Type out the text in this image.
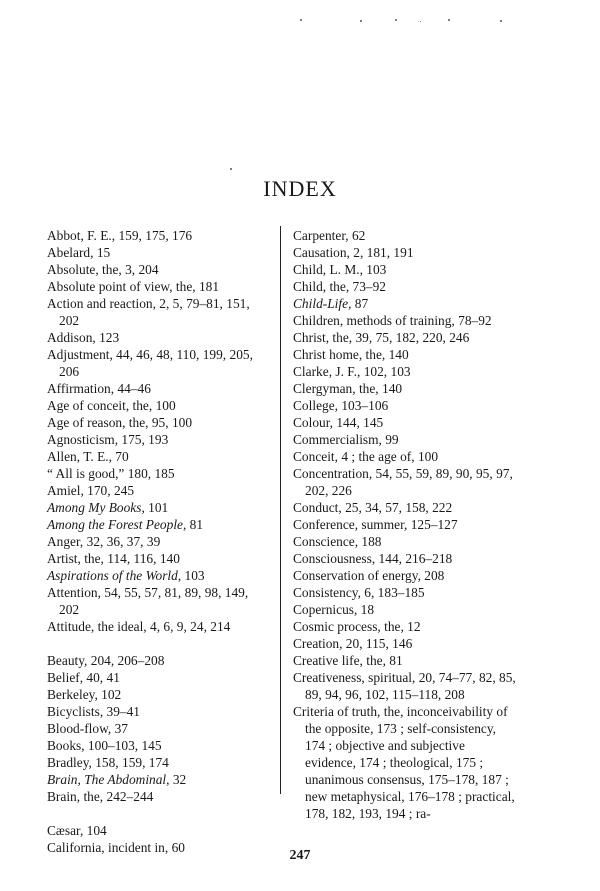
INDEX
Abbot, F. E., 159, 175, 176
Abelard, 15
Absolute, the, 3, 204
Absolute point of view, the, 181
Action and reaction, 2, 5, 79–81, 151, 202
Addison, 123
Adjustment, 44, 46, 48, 110, 199, 205, 206
Affirmation, 44–46
Age of conceit, the, 100
Age of reason, the, 95, 100
Agnosticism, 175, 193
Allen, T. E., 70
“ All is good,” 180, 185
Amiel, 170, 245
Among My Books, 101
Among the Forest People, 81
Anger, 32, 36, 37, 39
Artist, the, 114, 116, 140
Aspirations of the World, 103
Attention, 54, 55, 57, 81, 89, 98, 149, 202
Attitude, the ideal, 4, 6, 9, 24, 214
Beauty, 204, 206–208
Belief, 40, 41
Berkeley, 102
Bicyclists, 39–41
Blood-flow, 37
Books, 100–103, 145
Bradley, 158, 159, 174
Brain, The Abdominal, 32
Brain, the, 242–244
Cæsar, 104
California, incident in, 60
Carpenter, 62
Causation, 2, 181, 191
Child, L. M., 103
Child, the, 73–92
Child-Life, 87
Children, methods of training, 78–92
Christ, the, 39, 75, 182, 220, 246
Christ home, the, 140
Clarke, J. F., 102, 103
Clergyman, the, 140
College, 103–106
Colour, 144, 145
Commercialism, 99
Conceit, 4 ; the age of, 100
Concentration, 54, 55, 59, 89, 90, 95, 97, 202, 226
Conduct, 25, 34, 57, 158, 222
Conference, summer, 125–127
Conscience, 188
Consciousness, 144, 216–218
Conservation of energy, 208
Consistency, 6, 183–185
Copernicus, 18
Cosmic process, the, 12
Creation, 20, 115, 146
Creative life, the, 81
Creativeness, spiritual, 20, 74–77, 82, 85, 89, 94, 96, 102, 115–118, 208
Criteria of truth, the, inconceivability of the opposite, 173 ; self-consistency, 174 ; objective and subjective evidence, 174 ; theological, 175 ; unanimous consensus, 175–178, 187 ; new metaphysical, 176–178 ; practical, 178, 182, 193, 194 ; ra-
247
